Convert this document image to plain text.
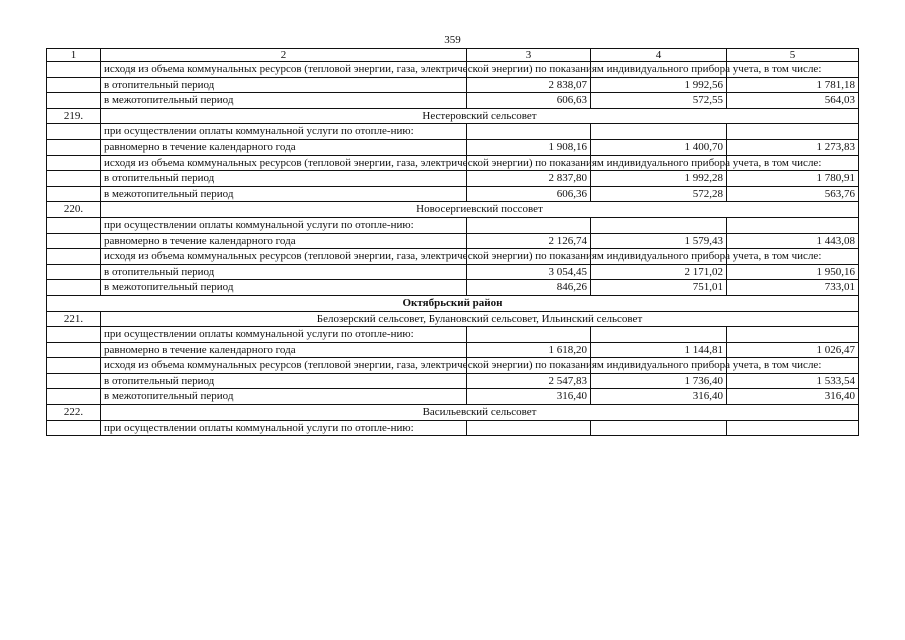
359
1	2	3	4	5
	исходя из объема коммунальных ресурсов (тепловой энергии, газа, электрической энергии) по показаниям индивидуального прибора учета, в том числе:			
	в отопительный период	2 838,07	1 992,56	1 781,18
	в межотопительный период	606,63	572,55	564,03
219.	Нестеровский сельсовет			
	при осуществлении оплаты коммунальной услуги по отопле-нию:			
	равномерно в течение календарного года	1 908,16	1 400,70	1 273,83
	исходя из объема коммунальных ресурсов (тепловой энергии, газа, электрической энергии) по показаниям индивидуального прибора учета, в том числе:			
	в отопительный период	2 837,80	1 992,28	1 780,91
	в межотопительный период	606,36	572,28	563,76
220.	Новосергиевский поссовет			
	при осуществлении оплаты коммунальной услуги по отопле-нию:			
	равномерно в течение календарного года	2 126,74	1 579,43	1 443,08
	исходя из объема коммунальных ресурсов (тепловой энергии, газа, электрической энергии) по показаниям индивидуального прибора учета, в том числе:			
	в отопительный период	3 054,45	2 171,02	1 950,16
	в межотопительный период	846,26	751,01	733,01
Октябрьский район				
221.	Белозерский сельсовет, Булановский сельсовет, Ильинский сельсовет			
	при осуществлении оплаты коммунальной услуги по отопле-нию:			
	равномерно в течение календарного года	1 618,20	1 144,81	1 026,47
	исходя из объема коммунальных ресурсов (тепловой энергии, газа, электрической энергии) по показаниям индивидуального прибора учета, в том числе:			
	в отопительный период	2 547,83	1 736,40	1 533,54
	в межотопительный период	316,40	316,40	316,40
222.	Васильевский сельсовет			
	при осуществлении оплаты коммунальной услуги по отопле-нию:			
